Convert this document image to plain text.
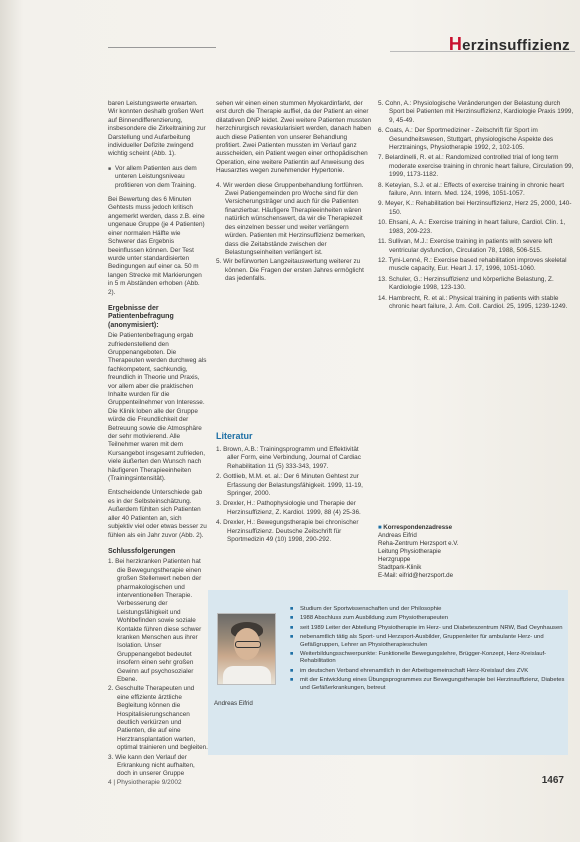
Herzinsuffizienz

baren Leistungswerte erwarten. Wir konnten deshalb großen Wert auf Binnendifferenzierung, insbesondere die Zirkeltraining zur Darstellung und Aufarbeitung individueller Defizite zwingend wichtig scheint (Abb. 1).

■ Vor allem Patienten aus dem unteren Leistungsniveau profitieren von dem Training.

Bei Bewertung des 6 Minuten Gehtests muss jedoch kritisch angemerkt werden, dass z.B. eine ungenaue Gruppe (je 4 Patienten) einer normalen Hälfte wie Schwerer das Ergebnis beeinflussen können. Der Test wurde unter standardisierten Bedingungen auf einer ca. 50 m langen Strecke mit Markierungen in 5 m Abständen erhoben (Abb. 2).

Ergebnisse der Patientenbefragung (anonymisiert):

Die Patientenbefragung ergab zufriedenstellend den Gruppenangeboten. Die Therapeuten werden durchweg als fachkompetent, sachkundig, freundlich in Theorie und Praxis, vor allem aber die praktischen Inhalte wurden für die Gruppenteilnehmer von Interesse. Die Klinik loben alle der Gruppe würde die Freundlichkeit der Betreuung sowie die Atmosphäre der sehr motivierend. Alle Teilnehmer waren mit dem Kursangebot insgesamt zufrieden, viele äußerten den Wunsch nach häufigeren Therapieeinheiten (Trainingsintensität).

Entscheidende Unterschiede gab es in der Selbsteinschätzung. Außerdem fühlten sich Patienten aller 40 Patienten an, sich subjektiv viel oder etwas besser zu fühlen als ein Jahr zuvor (Abb. 2).

Schlussfolgerungen
1. Bei herzkranken Patienten hat die Bewegungstherapie einen großen Stellenwert neben der pharmakologischen und interventionellen Therapie. Verbesserung der Leistungsfähigkeit und Wohlbefinden sowie soziale Kontakte führen diese schwer kranken Menschen aus ihrer Isolation. Unser Gruppenangebot bedeutet insofern einen sehr großen Gewinn auf psychosozialer Ebene.
2. Geschulte Therapeuten und eine effiziente ärztliche Begleitung können die Hospitalisierungschancen deutlich verkürzen und Patienten, die auf eine Herztransplantation warten, optimal trainieren und begleiten.
3. Wie kann den Verlauf der Erkrankung nicht aufhalten, doch in unserer Gruppe

sehen wir einen einen stummen Myokardinfarkt, der erst durch die Therapie auffiel, da der Patient an einer dilatativen DNP leidet. Zwei weitere Patienten mussten herzchirurgisch revaskularisiert werden, danach haben auch diese Patienten von unserer Behandlung profitiert. Zwei Patienten mussten im Verlauf ganz ausscheiden, ein Patient wegen einer orthopädischen Operation, eine weitere Patientin auf Anweisung des Hausarztes wegen zunehmender Hypertonie.

4. Wir werden diese Gruppenbehandlung fortführen. Zwei Patiengemeinden pro Woche sind für den Versicherungsträger und auch für die Patienten finanzierbar. Häufigere Therapieeinheiten wären natürlich wünschenswert, da wir die Therapiezeit des einzelnen besser und weiter verlängern würden. Patienten mit Herzinsuffizienz bemerken, dass die Zeitabstände zwischen der Belastungseinheiten verlängert ist.
5. Wir befürworten Langzeitauswertung weiterer zu können. Die Fragen der ersten Jahres ermöglicht das jedenfalls.
Literatur
1. Brown, A.B.: Trainingsprogramm und Effektivität aller Form, eine Verbindung, Journal of Cardiac Rehabilitation 11 (5) 333-343, 1997.
2. Gottlieb, M.M. et. al.: Der 6 Minuten Gehtest zur Erfassung der Belastungsfähigkeit. 1999, 11-19, Springer, 2000.
3. Drexler, H.: Pathophysiologie und Therapie der Herzinsuffizienz, Z. Kardiol. 1999, 88 (4) 25-36.
4. Drexler, H.: Bewegungstherapie bei chronischer Herzinsuffizienz. Deutsche Zeitschrift für Sportmedizin 49 (10) 1998, 290-292.
5. Cohn, A.: Physiologische Veränderungen der Belastung durch Sport bei Patienten mit Herzinsuffizienz, Kardiologie Praxis 1999, 9, 45-49.
6. Coats, A.: Der Sportmediziner - Zeitschrift für Sport im Gesundheitswesen, Stuttgart, physiologische Aspekte des Herztrainings, Physiotherapie 1992, 2, 102-105.
7. Belardinelli, R. et al.: Randomized controlled trial of long term moderate exercise training in chronic heart failure, Circulation 99, 1999, 1173-1182.
8. Keteyian, S.J. et al.: Effects of exercise training in chronic heart failure, Ann. Intern. Med. 124, 1996, 1051-1057.
9. Meyer, K.: Rehabilitation bei Herzinsuffizienz, Herz 25, 2000, 140-150.
10. Ehsani, A. A.: Exercise training in heart failure, Cardiol. Clin. 1, 1983, 209-223.
11. Sullivan, M.J.: Exercise training in patients with severe left ventricular dysfunction, Circulation 78, 1988, 506-515.
12. Tyni-Lenné, R.: Exercise based rehabilitation improves skeletal muscle capacity, Eur. Heart J. 17, 1996, 1051-1060.
13. Schuler, G.: Herzinsuffizienz und körperliche Belastung, Z. Kardiologie 1998, 123-130.
14. Hambrecht, R. et al.: Physical training in patients with stable chronic heart failure, J. Am. Coll. Cardiol. 25, 1995, 1239-1249.
■ Korrespondenzadresse
Andreas Eifrid
Reha-Zentrum Herzsport e.V.
Leitung Physiotherapie
Herzgruppe
Stadtpark-Klinik
E-Mail: eifrid@herzsport.de
Andreas Eifrid
■ Studium der Sportwissenschaften und der Philosophie
■ 1988 Abschluss zum Ausbildung zum Physiotherapeuten
■ seit 1989 Leiter der Abteilung Physiotherapie im Herz- und Diabeteszentrum NRW, Bad Oeynhausen
■ nebenamtlich tätig als Sport- und Herzsport-Ausbilder, Gruppenleiter für ambulante Herz- und Gefäßgruppen, Lehrer an Physiotherapieschulen
■ Weiterbildungsschwerpunkte: Funktionelle Bewegungslehre, Brügger-Konzept, Herz-Kreislauf-Rehabilitation
■ im deutschen Verband ehrenamtlich in der Arbeitsgemeinschaft Herz-Kreislauf des ZVK
■ mit der Entwicklung eines Übungsprogrammes zur Bewegungstherapie bei Herzinsuffizienz, Diabetes und Gefäßerkrankungen, betreut
4 | Physiotherapie 9/2002	1467
